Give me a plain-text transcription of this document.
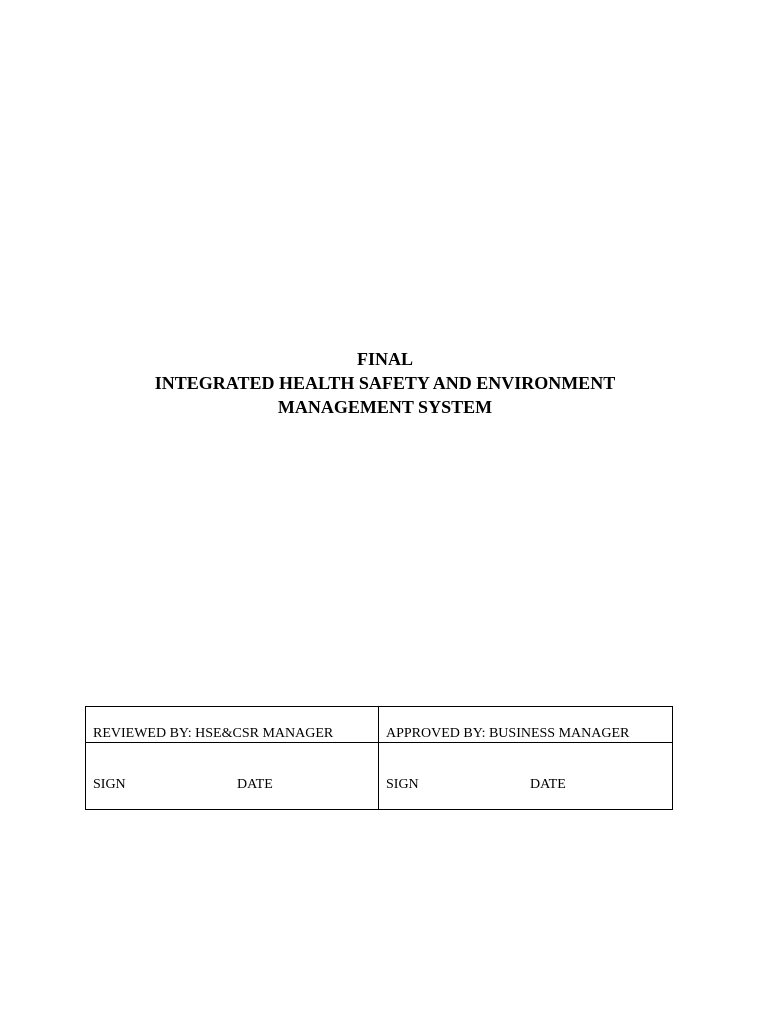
FINAL
INTEGRATED HEALTH SAFETY AND ENVIRONMENT
MANAGEMENT SYSTEM
REVIEWED BY: HSE&CSR MANAGER	APPROVED BY: BUSINESS MANAGER

SIGN DATE	SIGN DATE
